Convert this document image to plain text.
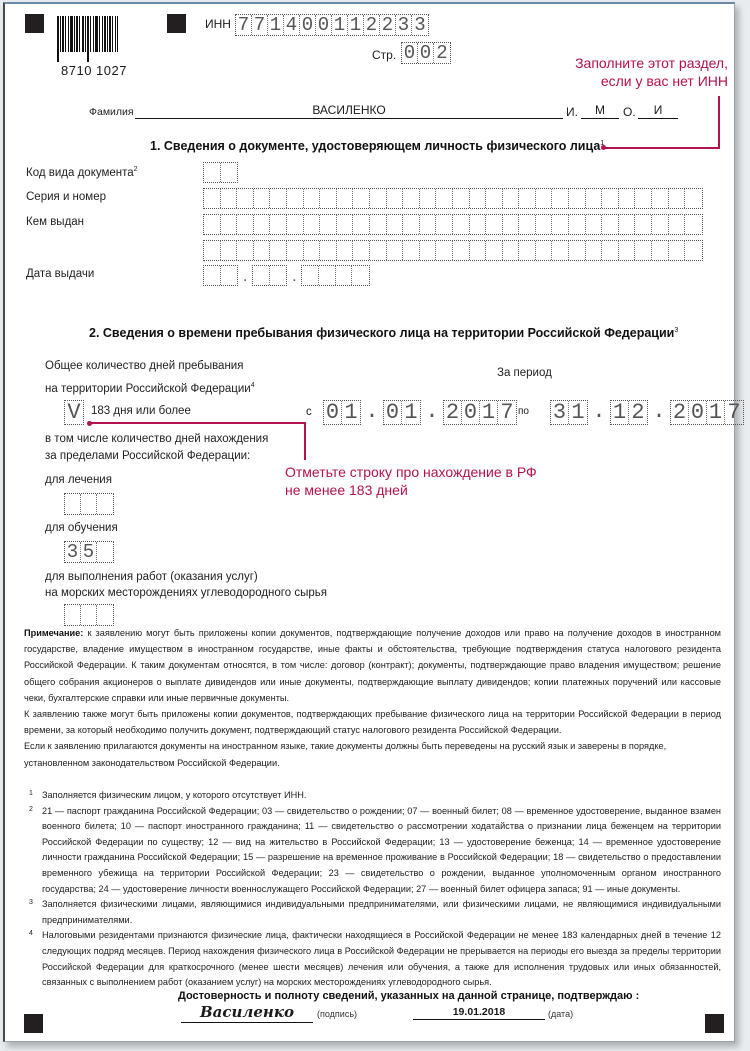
8710 1027
ИНН 7 7 1 4 0 0 1 1 2 2 3 3
Стр. 0 0 2	Заполните этот раздел,
если у вас нет ИНН
Фамилия	ВАСИЛЕНКО	И.	М	О.	И
1. Сведения о документе, удостоверяющем личность физического лица$^1$
Код вида документа$^2$
Серия и номер
Кем выдан
Дата выдачи	.	.
2. Сведения о времени пребывания физического лица на территории Российской Федерации$^3$
Общее количество дней пребывания
на территории Российской Федерации$^4$
За период
V 183 дня или более	с 0 1 . 0 1 . 2 0 1 7 по 3 1 . 1 2 . 2 0 1 7
Отметьте строку про нахождение в РФ
не менее 183 дней
в том числе количество дней нахождения
за пределами Российской Федерации:
для лечения
для обучения
3 5
для выполнения работ (оказания услуг)
на морских месторождениях углеводородного сырья
Примечание: к заявлению могут быть приложены копии документов, подтверждающие получение доходов или право на получение доходов в иностранном государстве, владение имуществом в иностранном государстве, иные факты и обстоятельства, требующие подтверждения статуса налогового резидента Российской Федерации. К таким документам относятся, в том числе: договор (контракт); документы, подтверждающие право владения имуществом; решение общего собрания акционеров о выплате дивидендов или иные документы, подтверждающие выплату дивидендов; копии платежных поручений или кассовые чеки, бухгалтерские справки или иные первичные документы.
К заявлению также могут быть приложены копии документов, подтверждающих пребывание физического лица на территории Российской Федерации в период времени, за который необходимо получить документ, подтверждающий статус налогового резидента Российской Федерации.
Если к заявлению прилагаются документы на иностранном языке, такие документы должны быть переведены на русский язык и заверены в порядке, установленном законодательством Российской Федерации.
1 Заполняется физическим лицом, у которого отсутствует ИНН.
2 21 — паспорт гражданина Российской Федерации; 03 — свидетельство о рождении; 07 — военный билет; 08 — временное удостоверение, выданное взамен военного билета; 10 — паспорт иностранного гражданина; 11 — свидетельство о рассмотрении ходатайства о признании лица беженцем на территории Российской Федерации по существу; 12 — вид на жительство в Российской Федерации; 13 — удостоверение беженца; 14 — временное удостоверение личности гражданина Российской Федерации; 15 — разрешение на временное проживание в Российской Федерации; 18 — свидетельство о предоставлении временного убежища на территории Российской Федерации; 23 — свидетельство о рождении, выданное уполномоченным органом иностранного государства; 24 — удостоверение личности военнослужащего Российской Федерации; 27 — военный билет офицера запаса; 91 — иные документы.
3 Заполняется физическими лицами, являющимися индивидуальными предпринимателями, или физическими лицами, не являющимися индивидуальными предпринимателями.
4 Налоговыми резидентами признаются физические лица, фактически находящиеся в Российской Федерации не менее 183 календарных дней в течение 12 следующих подряд месяцев. Период нахождения физического лица в Российской Федерации не прерывается на периоды его выезда за пределы территории Российской Федерации для краткосрочного (менее шести месяцев) лечения или обучения, а также для исполнения трудовых или иных обязанностей, связанных с выполнением работ (оказанием услуг) на морских месторождениях углеводородного сырья.
Достоверность и полноту сведений, указанных на данной странице, подтверждаю :
Василенко	(подпись)	19.01.2018	(дата)
